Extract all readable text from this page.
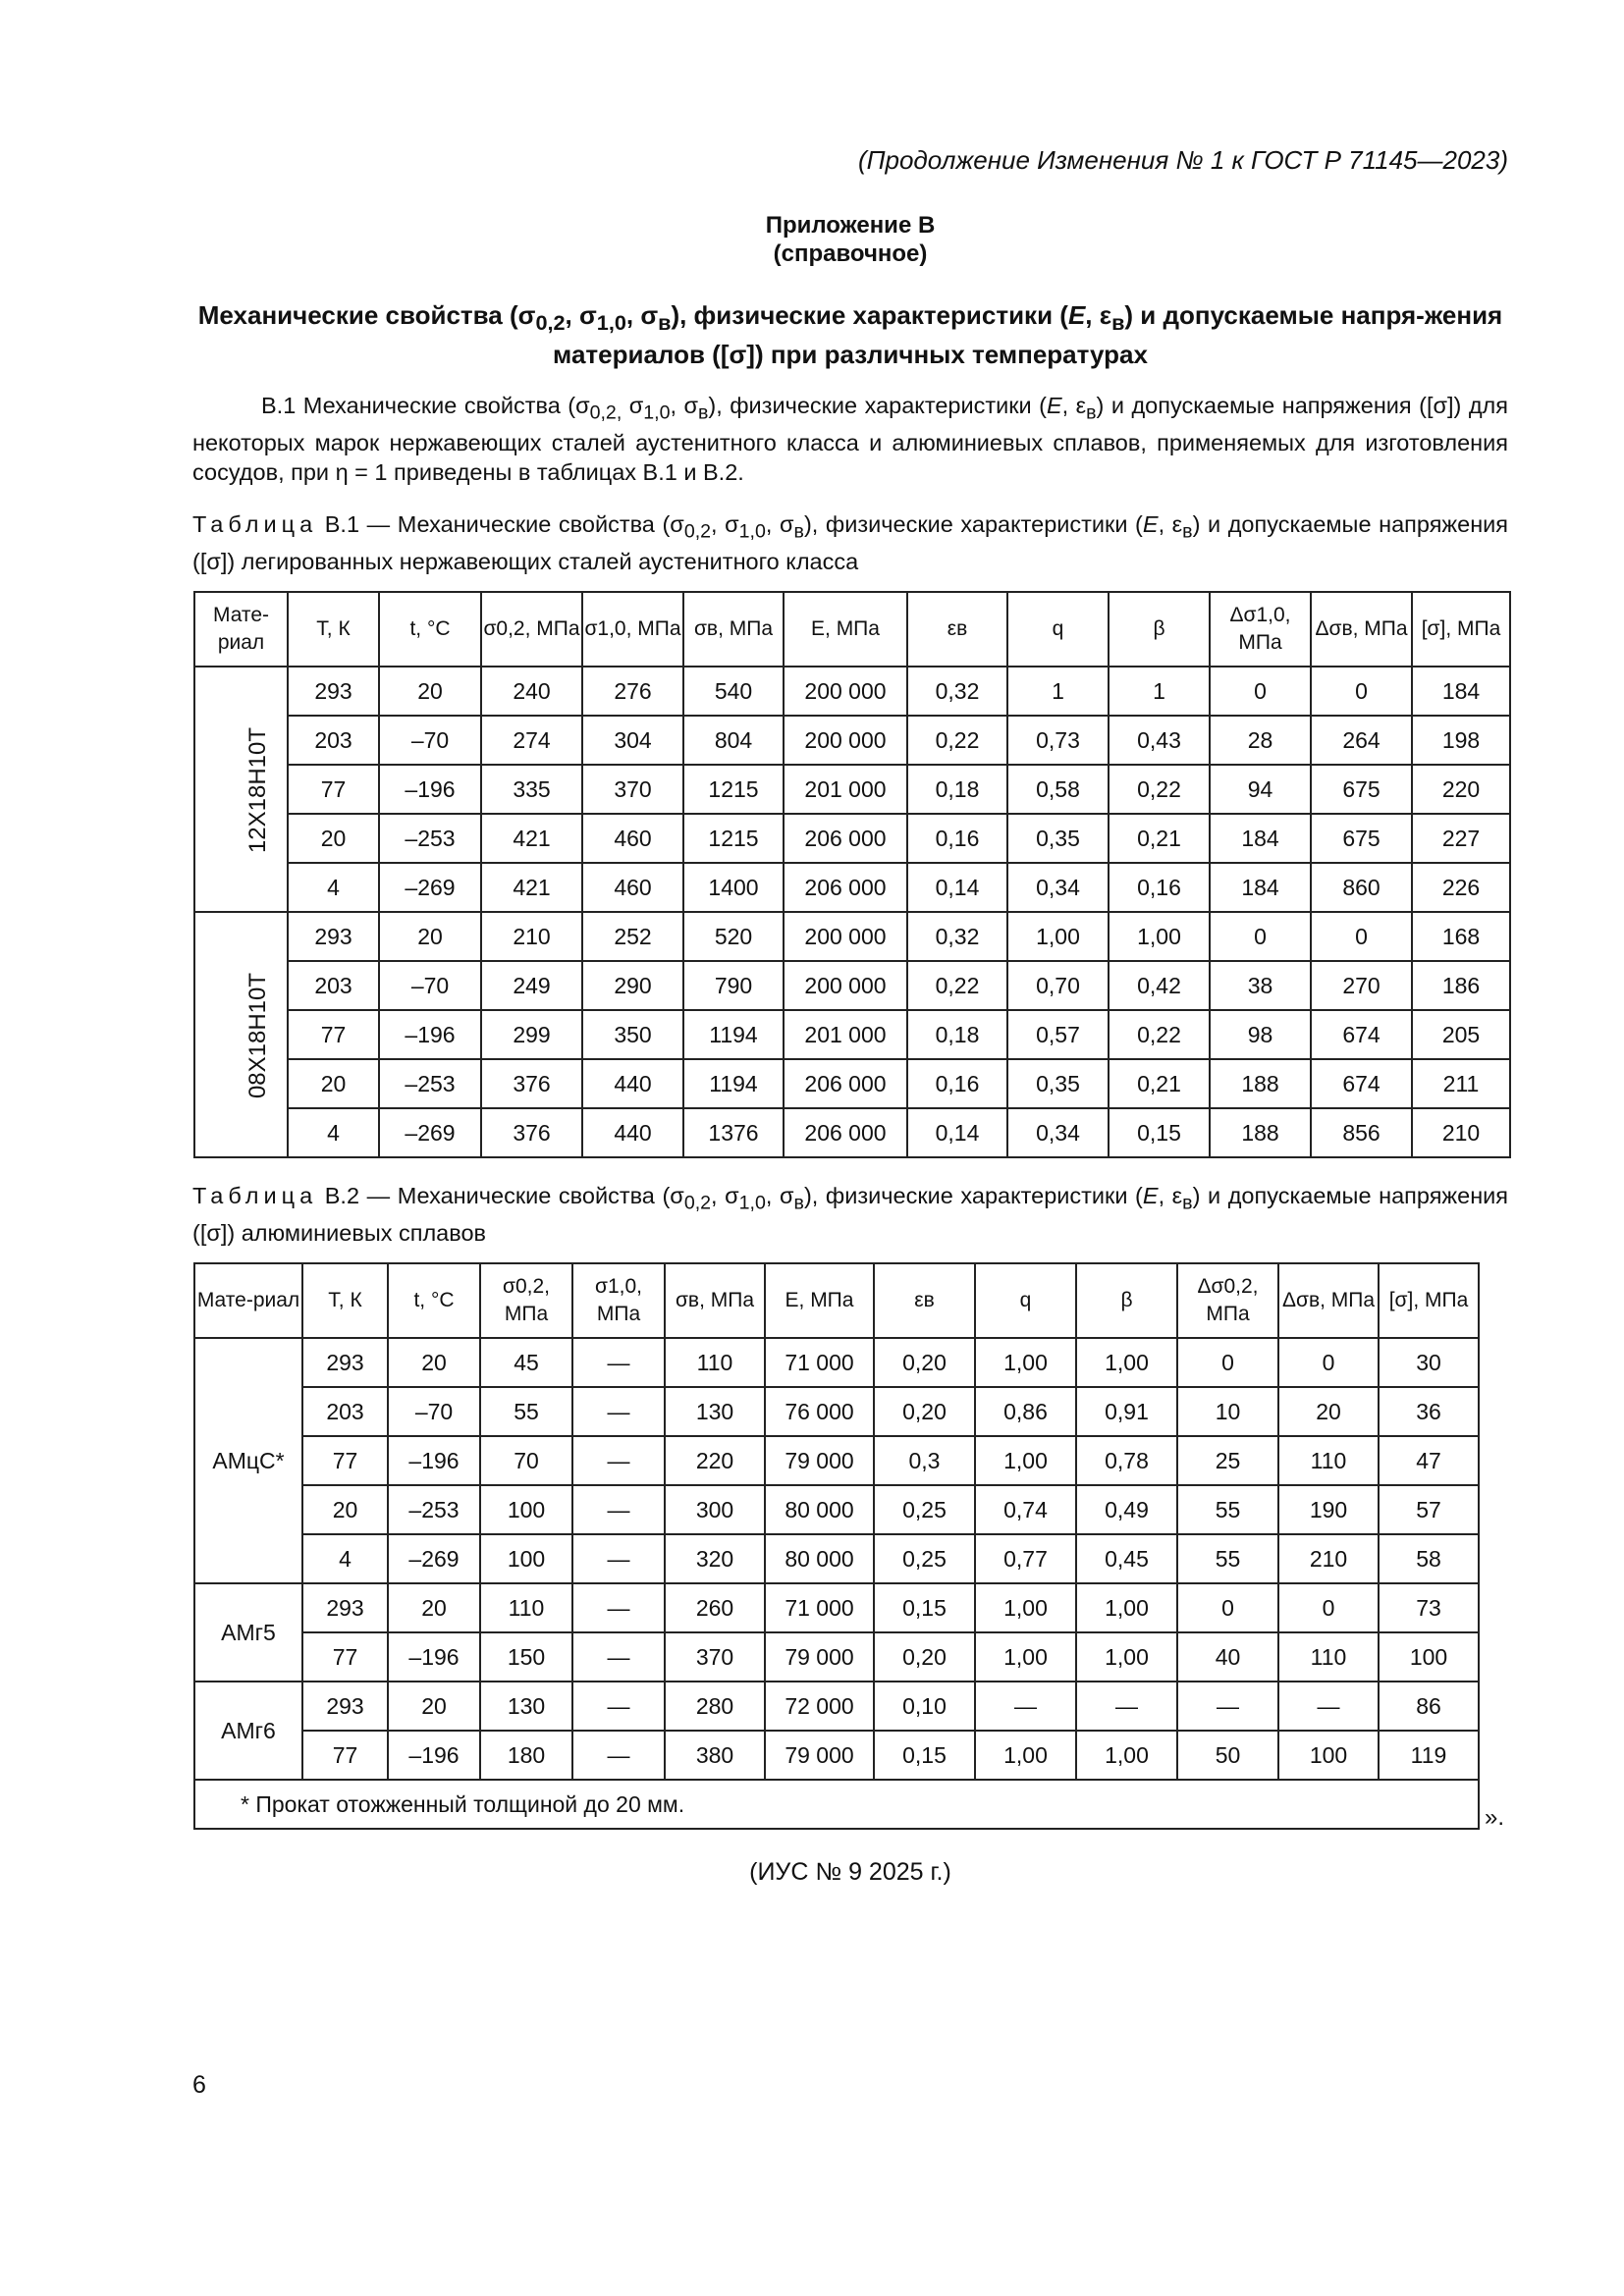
(Продолжение Изменения № 1 к ГОСТ Р 71145—2023)
Приложение В
(справочное)
Механические свойства ($\sigma_{0,2}$, $\sigma_{1,0}$, $\sigma_в$), физические характеристики (E, $\varepsilon_в$) и допускаемые напря-жения материалов ([σ]) при различных температурах
В.1 Механические свойства ($\sigma_{0,2,}$ $\sigma_{1,0}$, $\sigma_в$), физические характеристики (E, $\varepsilon_в$) и допускаемые напряжения ([σ]) для некоторых марок нержавеющих сталей аустенитного класса и алюминиевых сплавов, применяемых для изготовления сосудов, при η = 1 приведены в таблицах В.1 и В.2.
Таблица В.1 — Механические свойства ($\sigma_{0,2}$, $\sigma_{1,0}$, $\sigma_в$), физические характеристики (E, $\varepsilon_в$) и допускаемые напряжения ([σ]) легированных нержавеющих сталей аустенитного класса
Мате-риал	T, К	t, °C	σ0,2, МПа	σ1,0, МПа	σв, МПа	E, МПа	εв	q	β	Δσ1,0, МПа	Δσв, МПа	[σ], МПа
12Х18Н10Т	293	20	240	276	540	200 000	0,32	1	1	0	0	184
	203	–70	274	304	804	200 000	0,22	0,73	0,43	28	264	198
	77	–196	335	370	1215	201 000	0,18	0,58	0,22	94	675	220
	20	–253	421	460	1215	206 000	0,16	0,35	0,21	184	675	227
	4	–269	421	460	1400	206 000	0,14	0,34	0,16	184	860	226
08Х18Н10Т	293	20	210	252	520	200 000	0,32	1,00	1,00	0	0	168
	203	–70	249	290	790	200 000	0,22	0,70	0,42	38	270	186
	77	–196	299	350	1194	201 000	0,18	0,57	0,22	98	674	205
	20	–253	376	440	1194	206 000	0,16	0,35	0,21	188	674	211
	4	–269	376	440	1376	206 000	0,14	0,34	0,15	188	856	210
Таблица В.2 — Механические свойства ($\sigma_{0,2}$, $\sigma_{1,0}$, $\sigma_в$), физические характеристики (E, $\varepsilon_в$) и допускаемые напряжения ([σ]) алюминиевых сплавов
Мате-риал	T, К	t, °C	σ0,2, МПа	σ1,0, МПа	σв, МПа	E, МПа	εв	q	β	Δσ0,2, МПа	Δσв, МПа	[σ], МПа
АМцС*	293	20	45	—	110	71 000	0,20	1,00	1,00	0	0	30
	203	–70	55	—	130	76 000	0,20	0,86	0,91	10	20	36
	77	–196	70	—	220	79 000	0,3	1,00	0,78	25	110	47
	20	–253	100	—	300	80 000	0,25	0,74	0,49	55	190	57
	4	–269	100	—	320	80 000	0,25	0,77	0,45	55	210	58
АМг5	293	20	110	—	260	71 000	0,15	1,00	1,00	0	0	73
	77	–196	150	—	370	79 000	0,20	1,00	1,00	40	110	100
АМг6	293	20	130	—	280	72 000	0,10	—	—	—	—	86
	77	–196	180	—	380	79 000	0,15	1,00	1,00	50	100	119
* Прокат отожженный толщиной до 20 мм.													».
(ИУС № 9 2025 г.)
6
